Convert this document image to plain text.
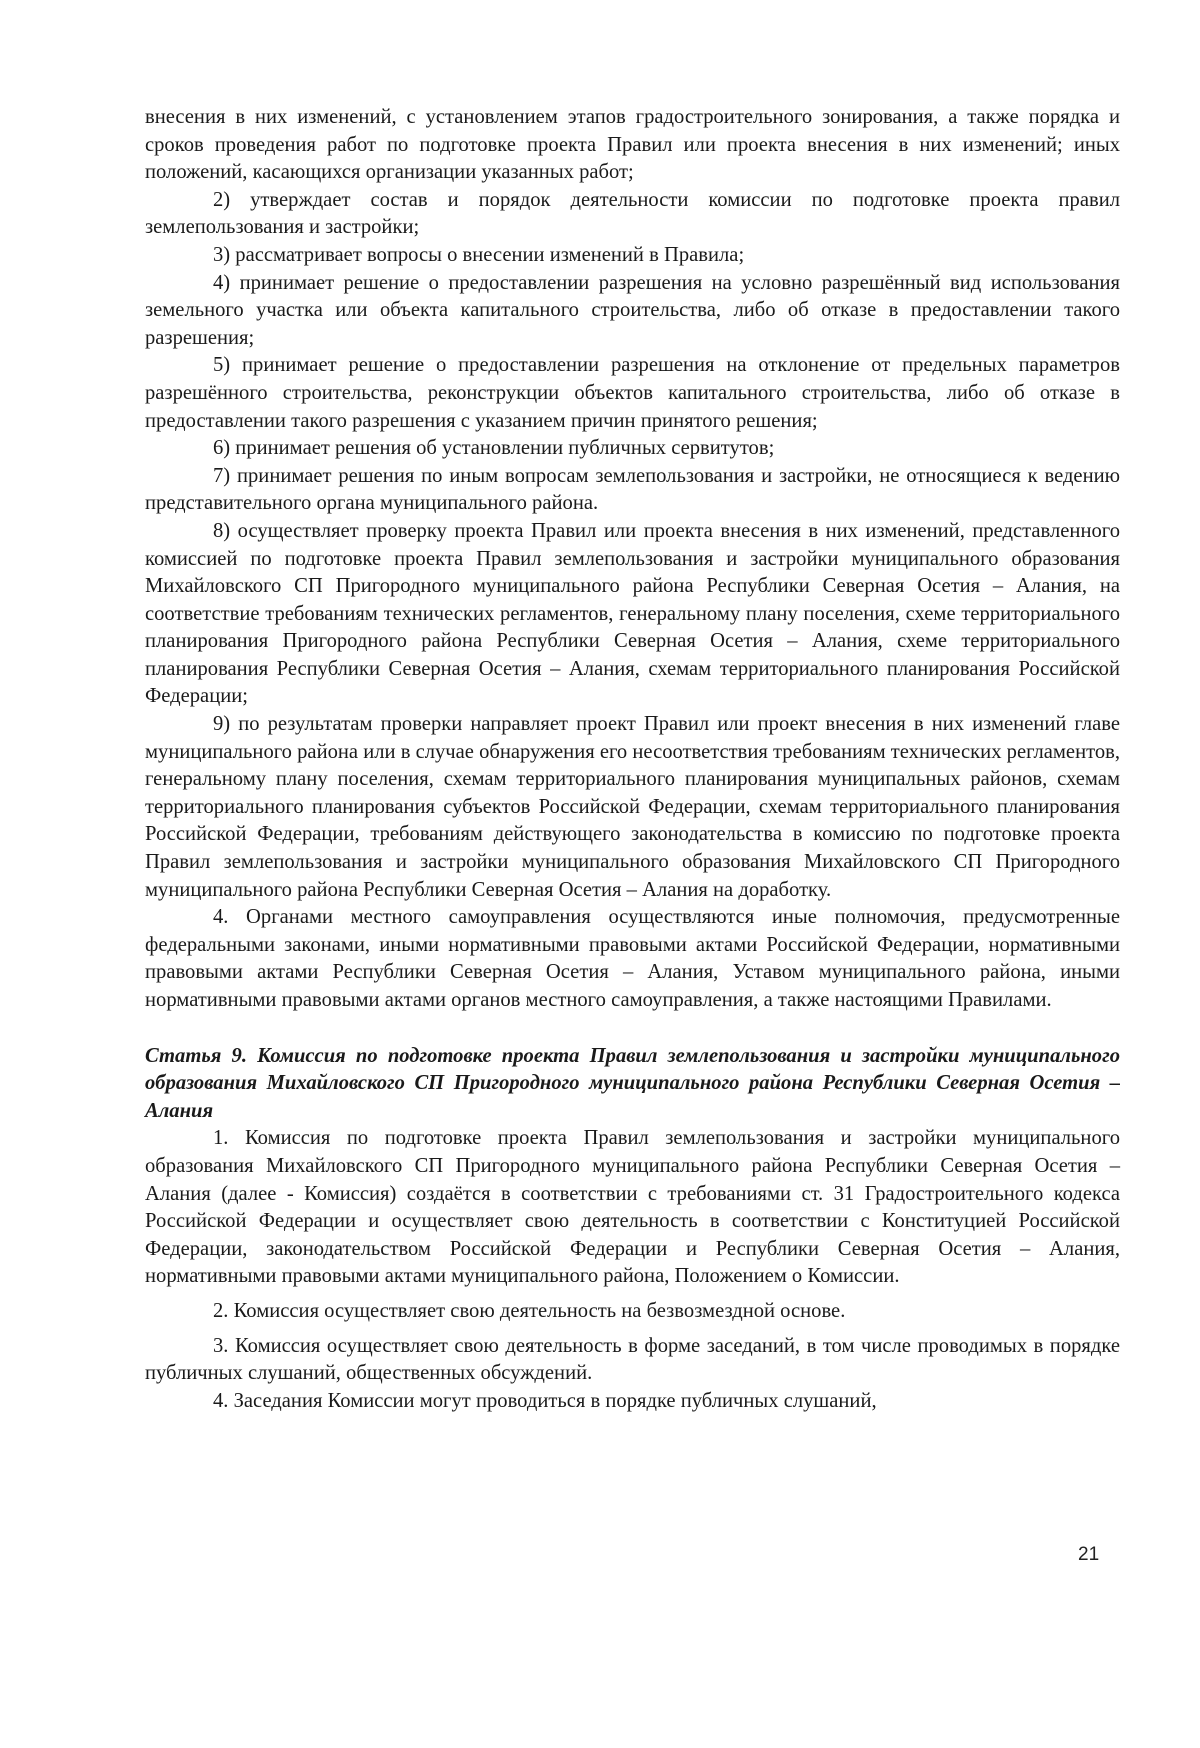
внесения в них изменений, с установлением этапов градостроительного зонирования, а также порядка и сроков проведения работ по подготовке проекта Правил или проекта внесения в них изменений; иных положений, касающихся организации указанных работ;

2) утверждает состав и порядок деятельности комиссии по подготовке проекта правил землепользования и застройки;

3) рассматривает вопросы о внесении изменений в Правила;

4) принимает решение о предоставлении разрешения на условно разрешённый вид использования земельного участка или объекта капитального строительства, либо об отказе в предоставлении такого разрешения;

5) принимает решение о предоставлении разрешения на отклонение от предельных параметров разрешённого строительства, реконструкции объектов капитального строительства, либо об отказе в предоставлении такого разрешения с указанием причин принятого решения;

6) принимает решения об установлении публичных сервитутов;

7) принимает решения по иным вопросам землепользования и застройки, не относящиеся к ведению представительного органа муниципального района.

8) осуществляет проверку проекта Правил или проекта внесения в них изменений, представленного комиссией по подготовке проекта Правил землепользования и застройки муниципального образования Михайловского СП Пригородного муниципального района Республики Северная Осетия – Алания, на соответствие требованиям технических регламентов, генеральному плану поселения, схеме территориального планирования Пригородного района Республики Северная Осетия – Алания, схеме территориального планирования Республики Северная Осетия – Алания, схемам территориального планирования Российской Федерации;

9) по результатам проверки направляет проект Правил или проект внесения в них изменений главе муниципального района или в случае обнаружения его несоответствия требованиям технических регламентов, генеральному плану поселения, схемам территориального планирования муниципальных районов, схемам территориального планирования субъектов Российской Федерации, схемам территориального планирования Российской Федерации, требованиям действующего законодательства в комиссию по подготовке проекта Правил землепользования и застройки муниципального образования Михайловского СП Пригородного муниципального района Республики Северная Осетия – Алания на доработку.

4. Органами местного самоуправления осуществляются иные полномочия, предусмотренные федеральными законами, иными нормативными правовыми актами Российской Федерации, нормативными правовыми актами Республики Северная Осетия – Алания, Уставом муниципального района, иными нормативными правовыми актами органов местного самоуправления, а также настоящими Правилами.

Статья 9. Комиссия по подготовке проекта Правил землепользования и застройки муниципального образования Михайловского СП Пригородного муниципального района Республики Северная Осетия – Алания

1. Комиссия по подготовке проекта Правил землепользования и застройки муниципального образования Михайловского СП Пригородного муниципального района Республики Северная Осетия – Алания (далее - Комиссия) создаётся в соответствии с требованиями ст. 31 Градостроительного кодекса Российской Федерации и осуществляет свою деятельность в соответствии с Конституцией Российской Федерации, законодательством Российской Федерации и Республики Северная Осетия – Алания, нормативными правовыми актами муниципального района, Положением о Комиссии.

2. Комиссия осуществляет свою деятельность на безвозмездной основе.

3. Комиссия осуществляет свою деятельность в форме заседаний, в том числе проводимых в порядке публичных слушаний, общественных обсуждений.

4. Заседания Комиссии могут проводиться в порядке публичных слушаний,

21
